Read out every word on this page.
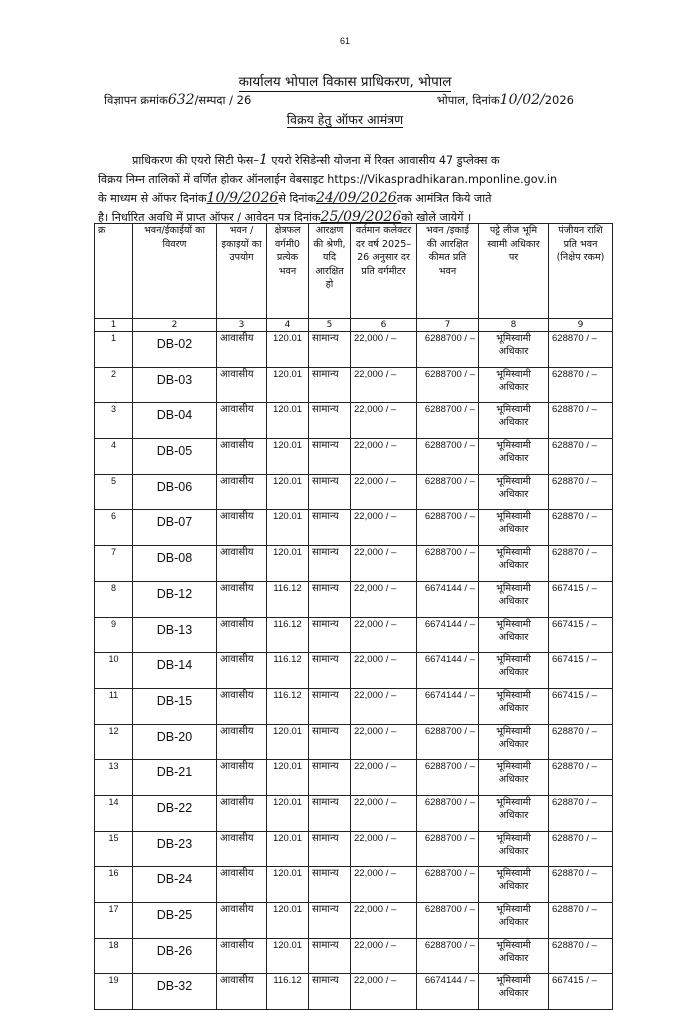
61
कार्यालय भोपाल विकास प्राधिकरण, भोपाल
विज्ञापन क्रमांक632/सम्पदा / 26	भोपाल, दिनांक10/02/2026
विक्रय हेतु ऑफर आमंत्रण
प्राधिकरण की एयरो सिटी फेस–1 एयरो रेसिडेन्सी योजना में रिक्त आवासीय 47 डुप्लेक्स क
विक्रय निम्न तालिकों में वर्णित होकर ऑनलाईन वेबसाइट https://Vikaspradhikaran.mponline.gov.in
के माध्यम से ऑफर दिनांक10/9/2026से दिनांक24/09/2026तक आमंत्रित किये जाते
है। निर्धारित अवधि में प्राप्त ऑफर / आवेदन पत्र दिनांक25/09/2026को खोले जायेगें ।
क्र	भवन/ईकाईयों का विवरण	भवन /इकाइयों का उपयोग	क्षेत्रफल वर्गमी0 प्रत्येक भवन	आरक्षण की श्रेणी, यदि आरक्षित हो	वर्तमान कलेक्टर दर वर्ष 2025–26 अनुसार दर प्रति वर्गमीटर	भवन /इकाई की आरक्षित कीमत प्रति भवन	पट्टे लीज भूमि स्वामी अधिकार पर	पंजीयन राशि प्रति भवन (निक्षेप रकम)
1	2	3	4	5	6	7	8	9
1	DB-02	आवासीय	120.01	सामान्य	22,000 / –	6288700 / –	भूमिस्वामी अधिकार	628870 / –
2	DB-03	आवासीय	120.01	सामान्य	22,000 / –	6288700 / –	भूमिस्वामी अधिकार	628870 / –
3	DB-04	आवासीय	120.01	सामान्य	22,000 / –	6288700 / –	भूमिस्वामी अधिकार	628870 / –
4	DB-05	आवासीय	120.01	सामान्य	22,000 / –	6288700 / –	भूमिस्वामी अधिकार	628870 / –
5	DB-06	आवासीय	120.01	सामान्य	22,000 / –	6288700 / –	भूमिस्वामी अधिकार	628870 / –
6	DB-07	आवासीय	120.01	सामान्य	22,000 / –	6288700 / –	भूमिस्वामी अधिकार	628870 / –
7	DB-08	आवासीय	120.01	सामान्य	22,000 / –	6288700 / –	भूमिस्वामी अधिकार	628870 / –
8	DB-12	आवासीय	116.12	सामान्य	22,000 / –	6674144 / –	भूमिस्वामी अधिकार	667415 / –
9	DB-13	आवासीय	116.12	सामान्य	22,000 / –	6674144 / –	भूमिस्वामी अधिकार	667415 / –
10	DB-14	आवासीय	116.12	सामान्य	22,000 / –	6674144 / –	भूमिस्वामी अधिकार	667415 / –
11	DB-15	आवासीय	116.12	सामान्य	22,000 / –	6674144 / –	भूमिस्वामी अधिकार	667415 / –
12	DB-20	आवासीय	120.01	सामान्य	22,000 / –	6288700 / –	भूमिस्वामी अधिकार	628870 / –
13	DB-21	आवासीय	120.01	सामान्य	22,000 / –	6288700 / –	भूमिस्वामी अधिकार	628870 / –
14	DB-22	आवासीय	120.01	सामान्य	22,000 / –	6288700 / –	भूमिस्वामी अधिकार	628870 / –
15	DB-23	आवासीय	120.01	सामान्य	22,000 / –	6288700 / –	भूमिस्वामी अधिकार	628870 / –
16	DB-24	आवासीय	120.01	सामान्य	22,000 / –	6288700 / –	भूमिस्वामी अधिकार	628870 / –
17	DB-25	आवासीय	120.01	सामान्य	22,000 / –	6288700 / –	भूमिस्वामी अधिकार	628870 / –
18	DB-26	आवासीय	120.01	सामान्य	22,000 / –	6288700 / –	भूमिस्वामी अधिकार	628870 / –
19	DB-32	आवासीय	116.12	सामान्य	22,000 / –	6674144 / –	भूमिस्वामी अधिकार	667415 / –
